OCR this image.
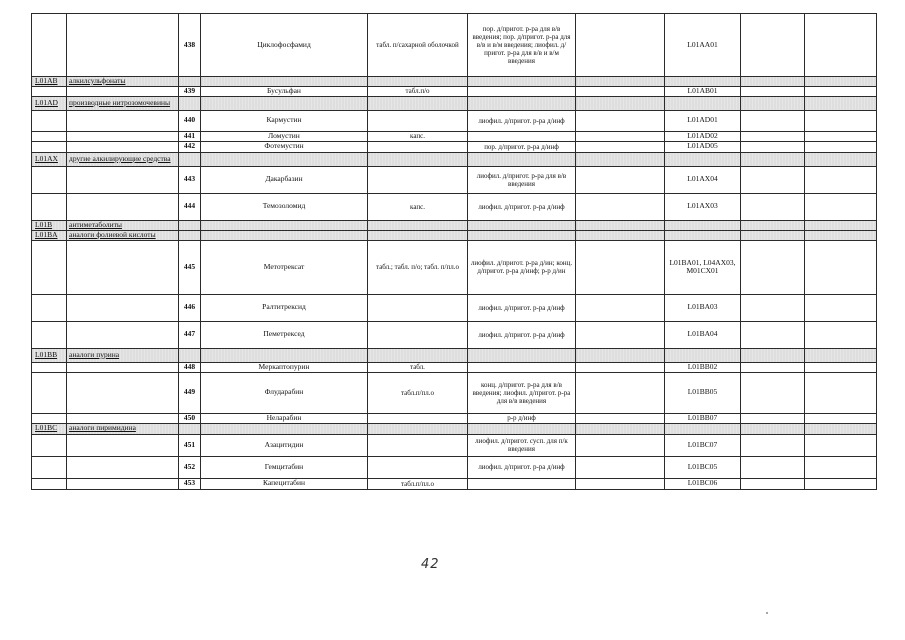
		438	Циклофосфамид	табл. п/сахарной оболочкой	пор. д/пригот. р-ра для в/в введения; пор. д/пригот. р-ра для в/в и в/м введения; лиофил. д/пригот. р-ра для в/в и в/м введения		L01AA01		
L01AB	алкилсульфонаты								
		439	Бусульфан	табл.п/о			L01AB01		
L01AD	производные нитрозомочевины								
		440	Кармустин		лиофил. д/пригот. р-ра д/инф		L01AD01		
		441	Ломустин	капс.			L01AD02		
		442	Фотемустин		пор. д/пригот. р-ра д/инф		L01AD05		
L01AX	другие алкилирующие средства								
		443	Дакарбазин		лиофил. д/пригот. р-ра для в/в введения		L01AX04		
		444	Темозоломид	капс.	лиофил. д/пригот. р-ра д/инф		L01AX03		
L01B	антиметаболиты								
L01BA	аналоги фолиевой кислоты								
		445	Метотрексат	табл.; табл. п/о; табл. п/пл.о	лиофил. д/пригот. р-ра д/ин; конц. д/пригот. р-ра д/инф; р-р д/ин		L01BA01, L04AX03, M01CX01		
		446	Ралтитрексид		лиофил. д/пригот. р-ра д/инф		L01BA03		
		447	Пеметрексед		лиофил. д/пригот. р-ра д/инф		L01BA04		
L01BB	аналоги пурина								
		448	Меркаптопурин	табл.			L01BB02		
		449	Флударабин	табл.п/пл.о	конц. д/пригот. р-ра для в/в введения; лиофил. д/пригот. р-ра для в/в введения		L01BB05		
		450	Неларабин		р-р д/инф		L01BB07		
L01BC	аналоги пиримидина								
		451	Азацитидин		лиофил. д/пригот. сусп. для п/к введения		L01BC07		
		452	Гемцитабин		лиофил. д/пригот. р-ра д/инф		L01BC05		
		453	Капецитабин	табл.п/пл.о			L01BC06		
42
